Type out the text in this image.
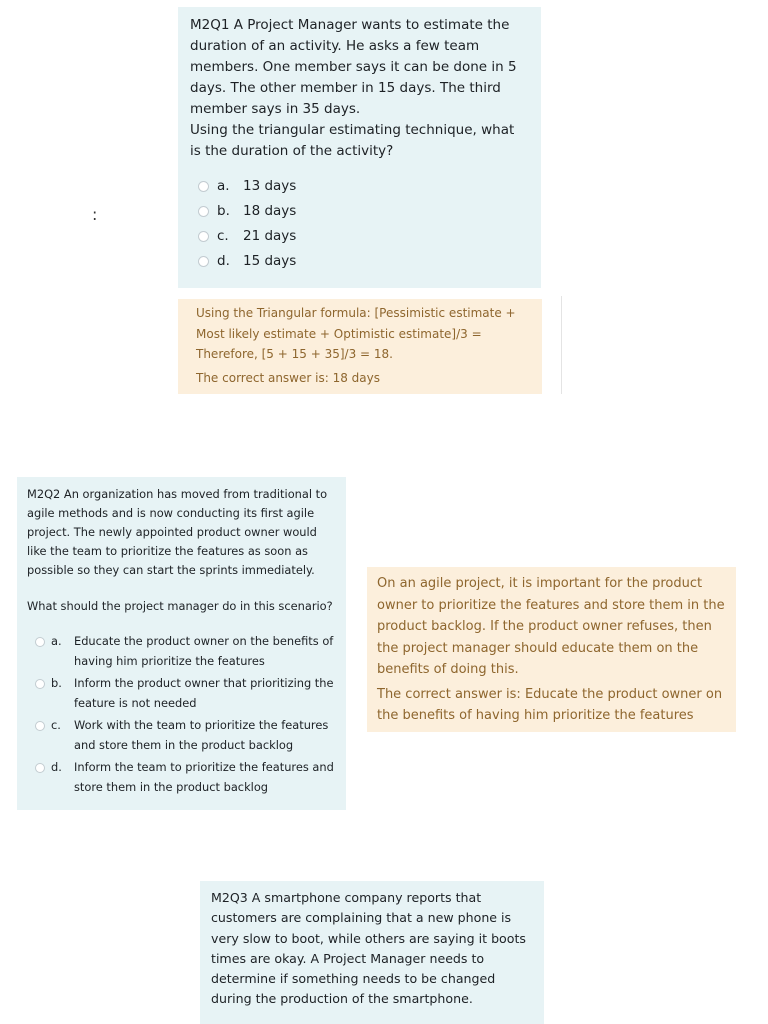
M2Q1 A Project Manager wants to estimate the duration of an activity. He asks a few team members. One member says it can be done in 5 days. The other member in 15 days. The third member says in 35 days.

Using the triangular estimating technique, what is the duration of the activity?

a. 13 days
b. 18 days
c.	21 days
d. 15 days
:

Using the Triangular formula: [Pessimistic estimate + Most likely estimate + Optimistic estimate]/3 = Therefore, [5 + 15 + 35]/3 = 18.

The correct answer is: 18 days

M2Q2 An organization has moved from traditional to agile methods and is now conducting its first agile project. The newly appointed product owner would like the team to prioritize the features as soon as possible so they can start the sprints immediately.

What should the project manager do in this scenario?

a.	Educate the product owner on the benefits of having him prioritize the features
b.	Inform the product owner that prioritizing the feature is not needed
c.	Work with the team to prioritize the features and store them in the product backlog
d.	Inform the team to prioritize the features and store them in the product backlog

On an agile project, it is important for the product owner to prioritize the features and store them in the product backlog. If the product owner refuses, then the project manager should educate them on the benefits of doing this.

The correct answer is: Educate the product owner on the benefits of having him prioritize the features

M2Q3 A smartphone company reports that customers are complaining that a new phone is very slow to boot, while others are saying it boots times are okay. A Project Manager needs to determine if something needs to be changed during the production of the smartphone.
